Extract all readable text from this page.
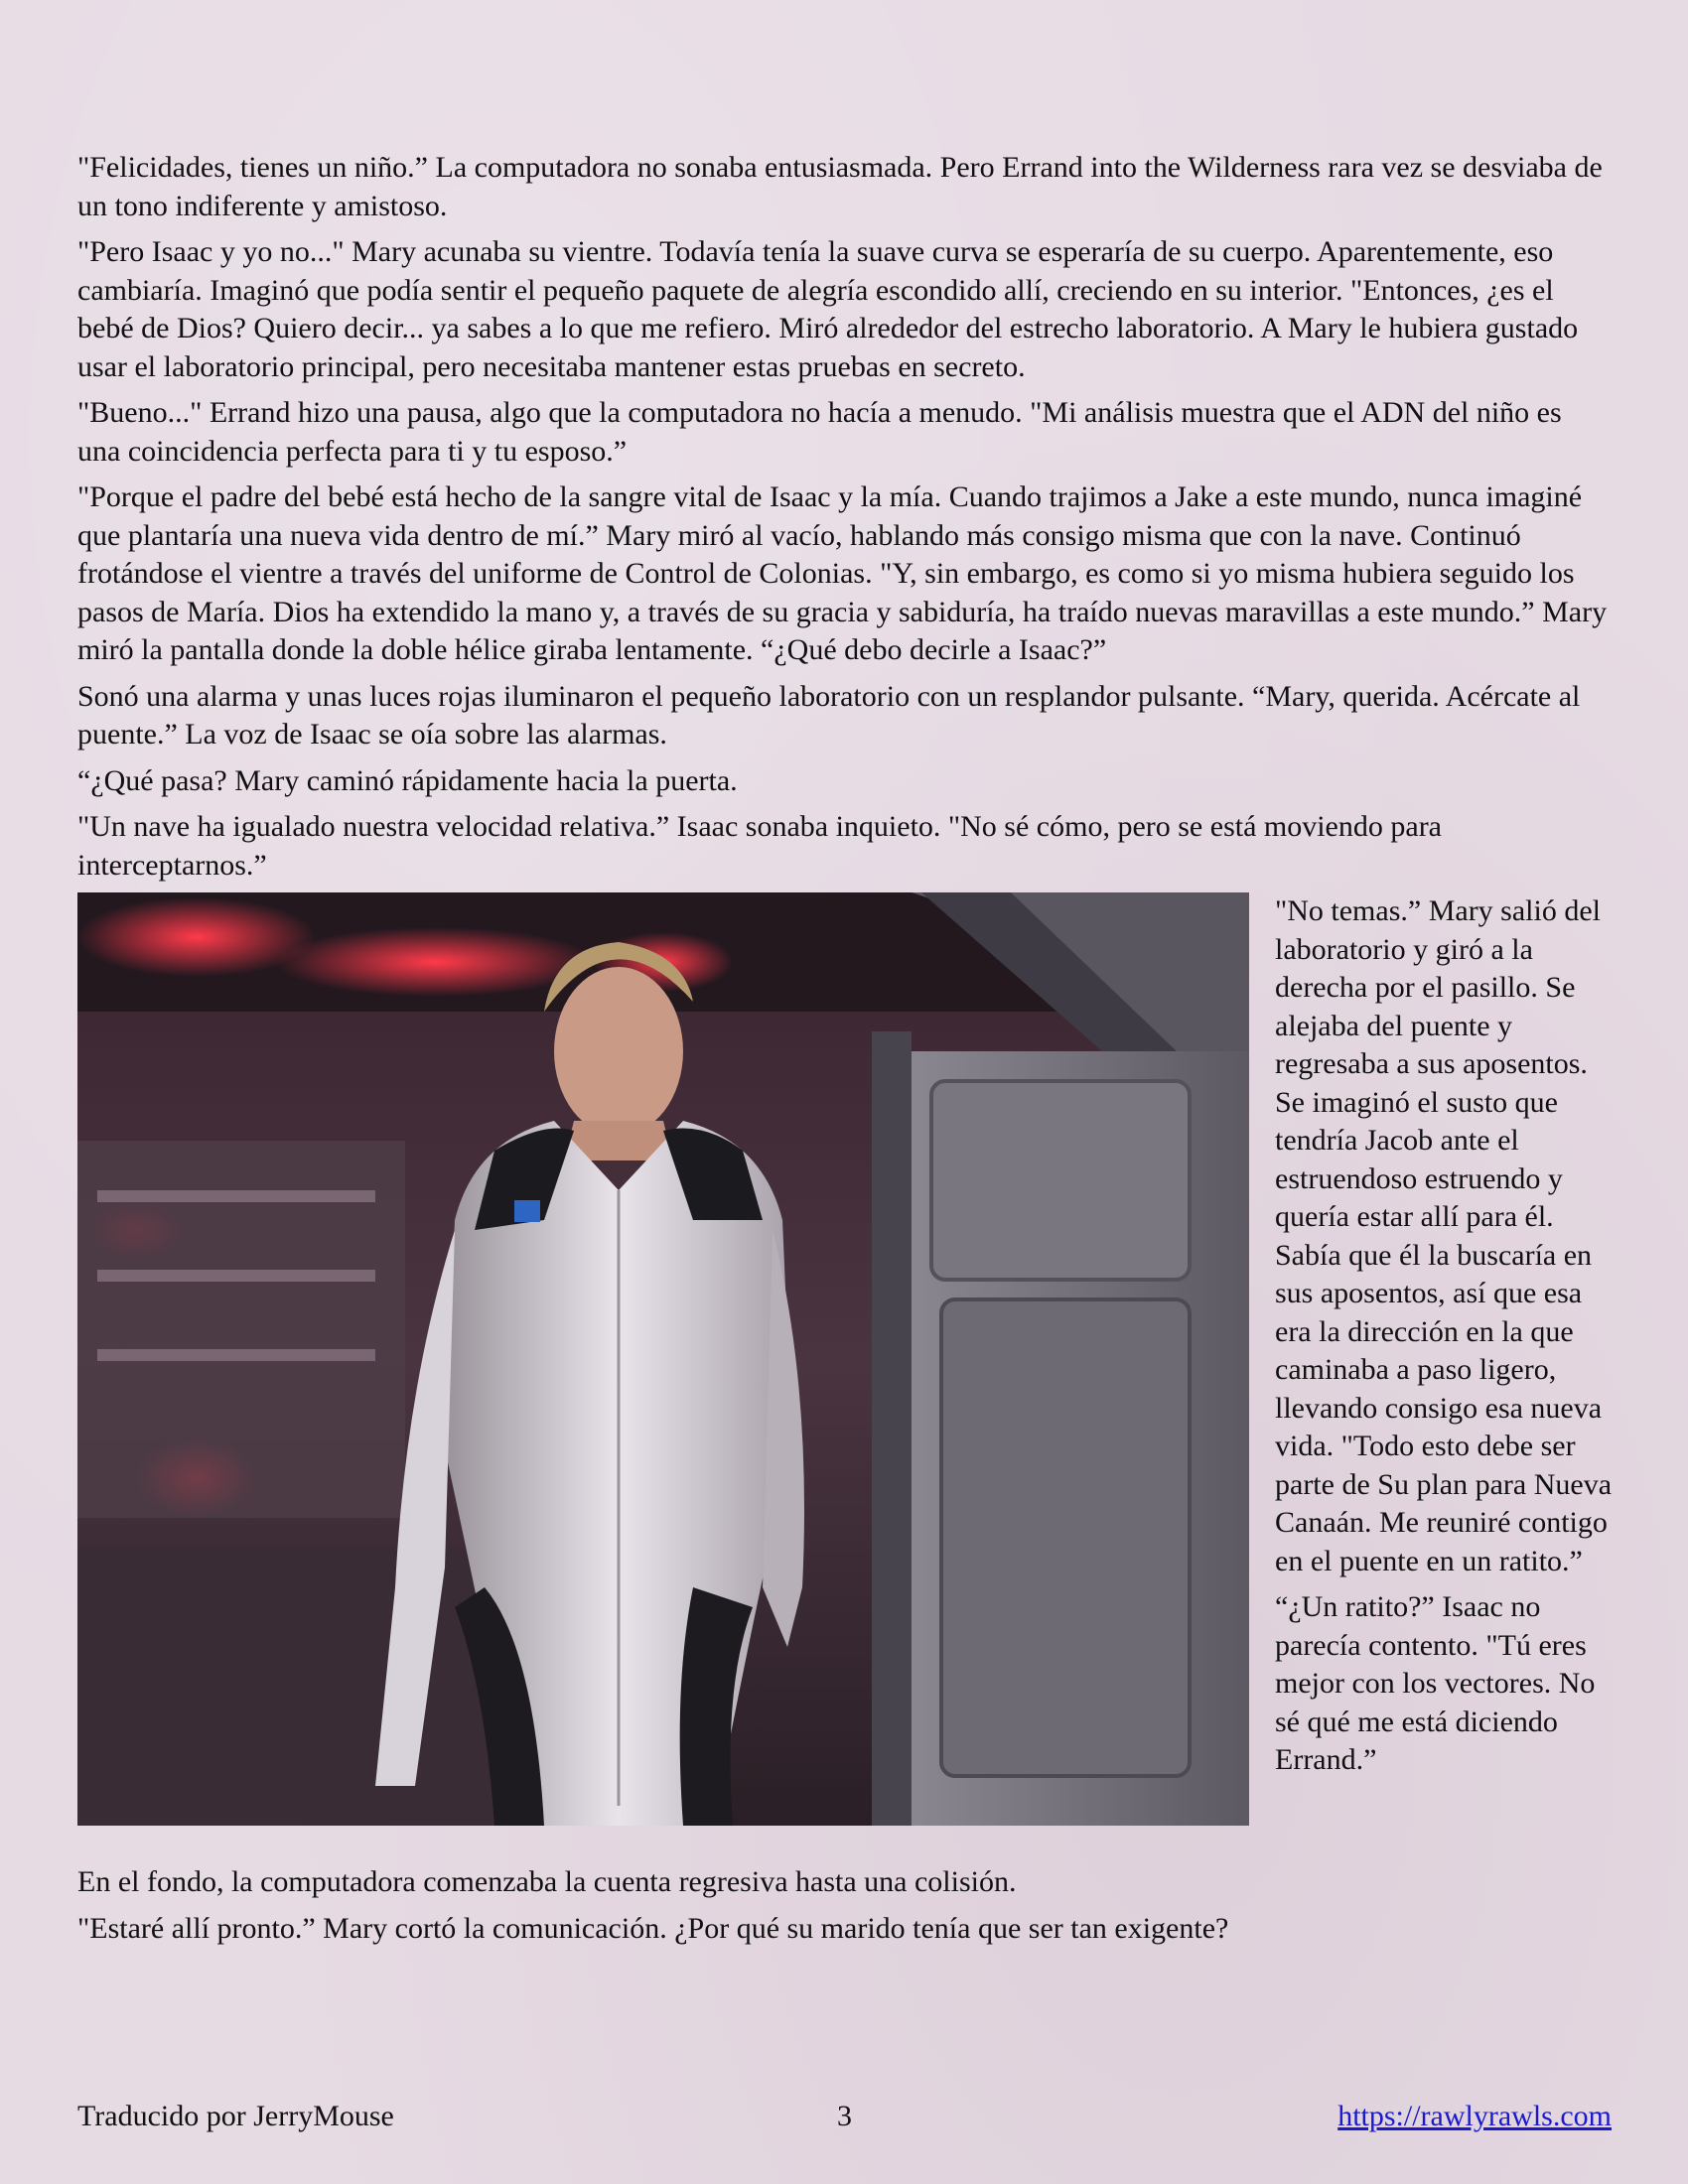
"Felicidades, tienes un niño.” La computadora no sonaba entusiasmada. Pero Errand into the Wilderness rara vez se desviaba de un tono indiferente y amistoso.

"Pero Isaac y yo no..." Mary acunaba su vientre. Todavía tenía la suave curva se esperaría de su cuerpo. Aparentemente, eso cambiaría. Imaginó que podía sentir el pequeño paquete de alegría escondido allí, creciendo en su interior. "Entonces, ¿es el bebé de Dios? Quiero decir... ya sabes a lo que me refiero. Miró alrededor del estrecho laboratorio. A Mary le hubiera gustado usar el laboratorio principal, pero necesitaba mantener estas pruebas en secreto.

"Bueno..." Errand hizo una pausa, algo que la computadora no hacía a menudo. "Mi análisis muestra que el ADN del niño es una coincidencia perfecta para ti y tu esposo.”

"Porque el padre del bebé está hecho de la sangre vital de Isaac y la mía. Cuando trajimos a Jake a este mundo, nunca imaginé que plantaría una nueva vida dentro de mí.” Mary miró al vacío, hablando más consigo misma que con la nave. Continuó frotándose el vientre a través del uniforme de Control de Colonias. "Y, sin embargo, es como si yo misma hubiera seguido los pasos de María. Dios ha extendido la mano y, a través de su gracia y sabiduría, ha traído nuevas maravillas a este mundo.” Mary miró la pantalla donde la doble hélice giraba lentamente. “¿Qué debo decirle a Isaac?”

Sonó una alarma y unas luces rojas iluminaron el pequeño laboratorio con un resplandor pulsante. “Mary, querida. Acércate al puente.” La voz de Isaac se oía sobre las alarmas.

“¿Qué pasa? Mary caminó rápidamente hacia la puerta.

"Un nave ha igualado nuestra velocidad relativa.” Isaac sonaba inquieto. "No sé cómo, pero se está moviendo para interceptarnos.”

"No temas.” Mary salió del laboratorio y giró a la derecha por el pasillo. Se alejaba del puente y regresaba a sus aposentos. Se imaginó el susto que tendría Jacob ante el estruendoso estruendo y quería estar allí para él. Sabía que él la buscaría en sus aposentos, así que esa era la dirección en la que caminaba a paso ligero, llevando consigo esa nueva vida. "Todo esto debe ser parte de Su plan para Nueva Canaán. Me reuniré contigo en el puente en un ratito.”

“¿Un ratito?” Isaac no parecía contento. "Tú eres mejor con los vectores. No sé qué me está diciendo Errand.”

En el fondo, la computadora comenzaba la cuenta regresiva hasta una colisión.

"Estaré allí pronto.” Mary cortó la comunicación. ¿Por qué su marido tenía que ser tan exigente?

Traducido por JerryMouse	3	https://rawlyrawls.com
